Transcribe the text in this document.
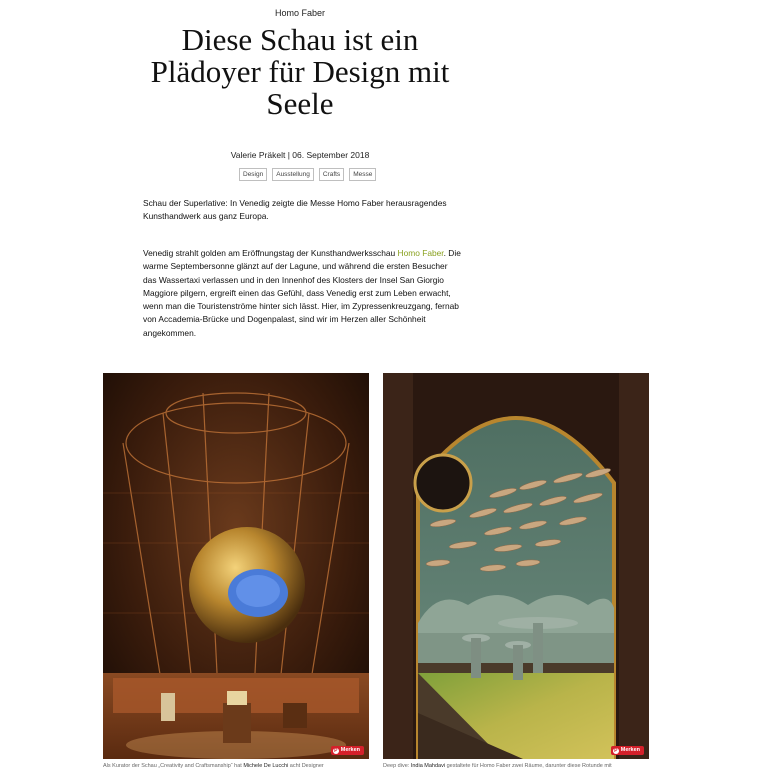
Homo Faber
Diese Schau ist ein Plädoyer für Design mit Seele
Valerie Präkelt | 06. September 2018
Design	Ausstellung	Crafts	Messe

Schau der Superlative: In Venedig zeigte die Messe Homo Faber herausragendes Kunsthandwerk aus ganz Europa.

Venedig strahlt golden am Eröffnungstag der Kunsthandwerksschau Homo Faber. Die warme Septembersonne glänzt auf der Lagune, und während die ersten Besucher das Wassertaxi verlassen und in den Innenhof des Klosters der Insel San Giorgio Maggiore pilgern, ergreift einen das Gefühl, dass Venedig erst zum Leben erwacht, wenn man die Touristenströme hinter sich lässt. Hier, im Zypressenkreuzgang, fernab von Accademia-Brücke und Dogenpalast, sind wir im Herzen aller Schönheit angekommen.

P Merken
Als Kurator der Schau „Creativity and Craftsmanship“ hat Michele De Lucchi acht Designer
P Merken
Deep dive: India Mahdavi gestaltete für Homo Faber zwei Räume, darunter diese Rotunde mit
